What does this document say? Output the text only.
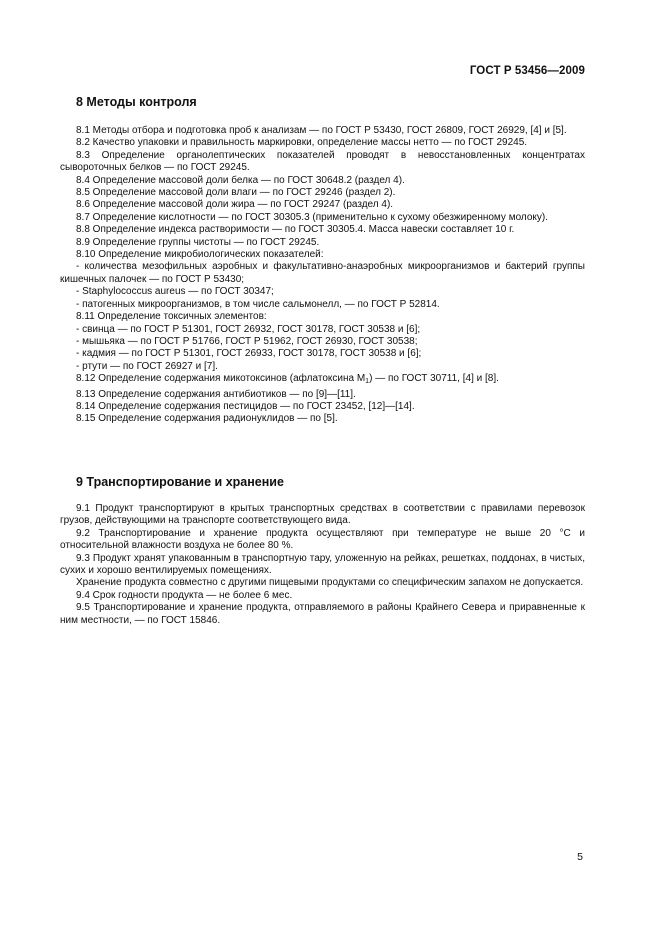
ГОСТ Р 53456—2009
8 Методы контроля

8.1 Методы отбора и подготовка проб к анализам — по ГОСТ Р 53430, ГОСТ 26809, ГОСТ 26929, [4] и [5].

8.2 Качество упаковки и правильность маркировки, определение массы нетто — по ГОСТ 29245.

8.3 Определение органолептических показателей проводят в невосстановленных концентратах сывороточных белков — по ГОСТ 29245.

8.4 Определение массовой доли белка — по ГОСТ 30648.2 (раздел 4).

8.5 Определение массовой доли влаги — по ГОСТ 29246 (раздел 2).

8.6 Определение массовой доли жира — по ГОСТ 29247 (раздел 4).

8.7 Определение кислотности — по ГОСТ 30305.3 (применительно к сухому обезжиренному молоку).

8.8 Определение индекса растворимости — по ГОСТ 30305.4. Масса навески составляет 10 г.

8.9 Определение группы чистоты — по ГОСТ 29245.

8.10 Определение микробиологических показателей:

- количества мезофильных аэробных и факультативно-анаэробных микроорганизмов и бактерий группы кишечных палочек — по ГОСТ Р 53430;

- Staphylococcus aureus — по ГОСТ 30347;

- патогенных микроорганизмов, в том числе сальмонелл, — по ГОСТ Р 52814.

8.11 Определение токсичных элементов:

- свинца — по ГОСТ Р 51301, ГОСТ 26932, ГОСТ 30178, ГОСТ 30538 и [6];

- мышьяка — по ГОСТ Р 51766, ГОСТ Р 51962, ГОСТ 26930, ГОСТ 30538;

- кадмия — по ГОСТ Р 51301, ГОСТ 26933, ГОСТ 30178, ГОСТ 30538 и [6];

- ртути — по ГОСТ 26927 и [7].

8.12 Определение содержания микотоксинов (афлатоксина $M_1$) — по ГОСТ 30711, [4] и [8].

8.13 Определение содержания антибиотиков — по [9]—[11].

8.14 Определение содержания пестицидов — по ГОСТ 23452, [12]—[14].

8.15 Определение содержания радионуклидов — по [5].

9 Транспортирование и хранение

9.1 Продукт транспортируют в крытых транспортных средствах в соответствии с правилами перевозок грузов, действующими на транспорте соответствующего вида.

9.2 Транспортирование и хранение продукта осуществляют при температуре не выше 20 °С и относительной влажности воздуха не более 80 %.

9.3 Продукт хранят упакованным в транспортную тару, уложенную на рейках, решетках, поддонах, в чистых, сухих и хорошо вентилируемых помещениях.

Хранение продукта совместно с другими пищевыми продуктами со специфическим запахом не допускается.

9.4 Срок годности продукта — не более 6 мес.

9.5 Транспортирование и хранение продукта, отправляемого в районы Крайнего Севера и приравненные к ним местности, — по ГОСТ 15846.

5
